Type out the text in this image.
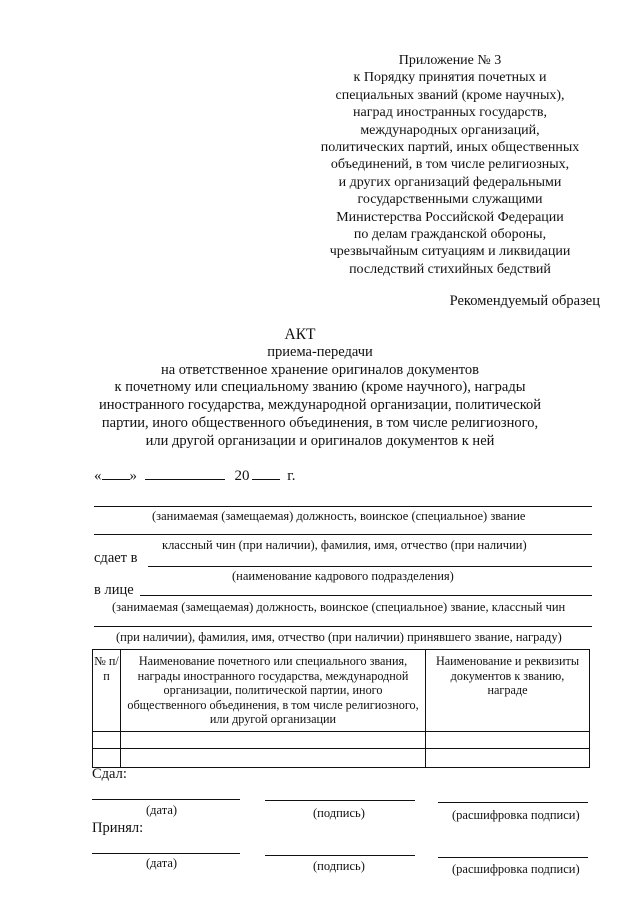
Приложение № 3
к Порядку принятия почетных и
специальных званий (кроме научных),
наград иностранных государств,
международных организаций,
политических партий, иных общественных
объединений, в том числе религиозных,
и других организаций федеральными
государственными служащими
Министерства Российской Федерации
по делам гражданской обороны,
чрезвычайным ситуациям и ликвидации
последствий стихийных бедствий
Рекомендуемый образец
АКТ
приема-передачи
на ответственное хранение оригиналов документов
к почетному или специальному званию (кроме научного), награды
иностранного государства, международной организации, политической
партии, иного общественного объединения, в том числе религиозного,
или другой организации и оригиналов документов к ней
« »	20	г.
(занимаемая (замещаемая) должность, воинское (специальное) звание
классный чин (при наличии), фамилия, имя, отчество (при наличии)
сдает в
(наименование кадрового подразделения)
в лице
(занимаемая (замещаемая) должность, воинское (специальное) звание, классный чин
(при наличии), фамилия, имя, отчество (при наличии) принявшего звание, награду)
№ п/п	Наименование почетного или специального звания, награды иностранного государства, международной организации, политической партии, иного общественного объединения, в том числе религиозного, или другой организации	Наименование и реквизиты документов к званию, награде

Сдал:
(дата)	(подпись)	(расшифровка подписи)
Принял:
(дата)	(подпись)	(расшифровка подписи)
